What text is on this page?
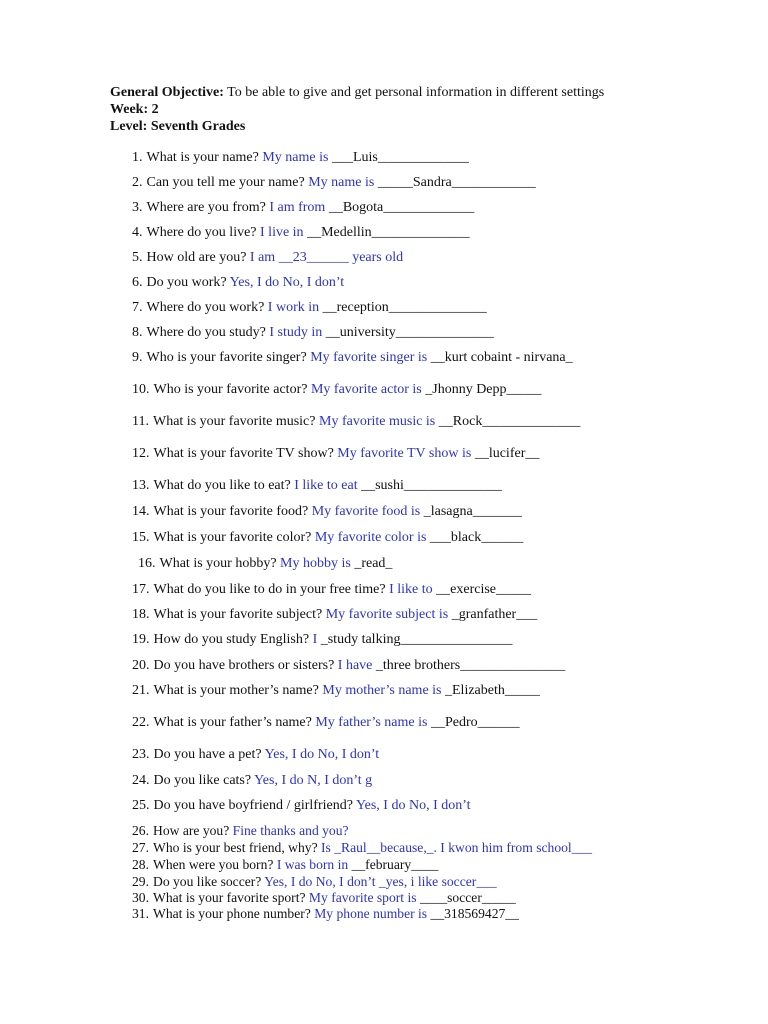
General Objective: To be able to give and get personal information in different settings
Week: 2
Level: Seventh Grades
1. What is your name? My name is ___Luis_____________
2. Can you tell me your name? My name is _____Sandra____________
3. Where are you from? I am from __Bogota_____________
4. Where do you live? I live in __Medellin______________
5. How old are you? I am __23______ years old
6. Do you work? Yes, I do No, I don’t
7. Where do you work? I work in __reception______________
8. Where do you study? I study in __university______________
9. Who is your favorite singer? My favorite singer is __kurt cobaint - nirvana_
10. Who is your favorite actor? My favorite actor is _Jhonny Depp_____
11. What is your favorite music? My favorite music is __Rock______________
12. What is your favorite TV show? My favorite TV show is __lucifer__
13. What do you like to eat? I like to eat __sushi______________
14. What is your favorite food? My favorite food is _lasagna_______
15. What is your favorite color? My favorite color is ___black______
16. What is your hobby? My hobby is _read_
17. What do you like to do in your free time? I like to __exercise_____
18. What is your favorite subject? My favorite subject is _granfather___
19. How do you study English? I _study talking________________
20. Do you have brothers or sisters? I have _three brothers_______________
21. What is your mother’s name? My mother’s name is _Elizabeth_____
22. What is your father’s name? My father’s name is __Pedro______
23. Do you have a pet? Yes, I do No, I don’t
24. Do you like cats? Yes, I do N, I don’t g
25. Do you have boyfriend / girlfriend? Yes, I do No, I don’t
26. How are you? Fine thanks and you?
27. Who is your best friend, why? Is _Raul__because,_. I kwon him from school___
28. When were you born? I was born in __february____
29. Do you like soccer? Yes, I do No, I don’t _yes, i like soccer___
30. What is your favorite sport? My favorite sport is ____soccer_____
31. What is your phone number? My phone number is __318569427__
